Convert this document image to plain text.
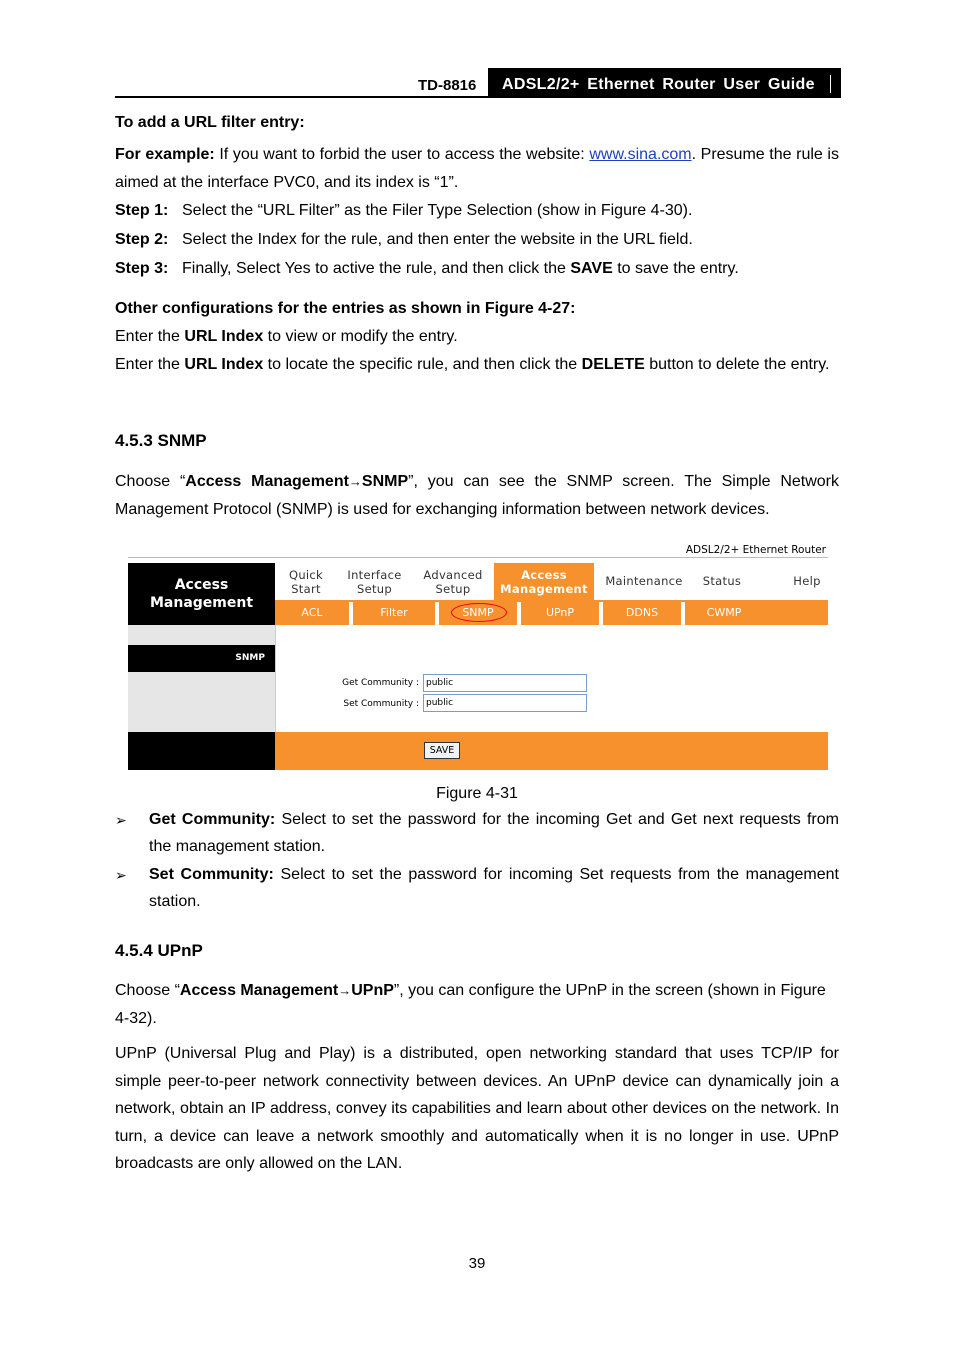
TD-8816 ADSL2/2+ Ethernet Router User Guide
To add a URL filter entry:
For example: If you want to forbid the user to access the website: www.sina.com. Presume the rule is aimed at the interface PVC0, and its index is “1”.
Step 1: Select the “URL Filter” as the Filer Type Selection (show in Figure 4-30).
Step 2: Select the Index for the rule, and then enter the website in the URL field.
Step 3: Finally, Select Yes to active the rule, and then click the SAVE to save the entry.
Other configurations for the entries as shown in Figure 4-27:
Enter the URL Index to view or modify the entry.
Enter the URL Index to locate the specific rule, and then click the DELETE button to delete the entry.
4.5.3 SNMP
Choose “Access Management→SNMP”, you can see the SNMP screen. The Simple Network Management Protocol (SNMP) is used for exchanging information between network devices.
ADSL2/2+ Ethernet Router
Access
Management
Quick
Start
Interface
Setup
Advanced
Setup
Access
Management
Maintenance	Status	Help
ACL	Filter	SNMP	UPnP	DDNS	CWMP
SNMP
Get Community :
public
Set Community :
public
SAVE
Figure 4-31
➢ Get Community: Select to set the password for the incoming Get and Get next requests from the management station.
➢ Set Community: Select to set the password for incoming Set requests from the management station.
4.5.4 UPnP
Choose “Access Management→UPnP”, you can configure the UPnP in the screen (shown in Figure 4-32).
UPnP (Universal Plug and Play) is a distributed, open networking standard that uses TCP/IP for simple peer-to-peer network connectivity between devices. An UPnP device can dynamically join a network, obtain an IP address, convey its capabilities and learn about other devices on the network. In turn, a device can leave a network smoothly and automatically when it is no longer in use. UPnP broadcasts are only allowed on the LAN.
39
